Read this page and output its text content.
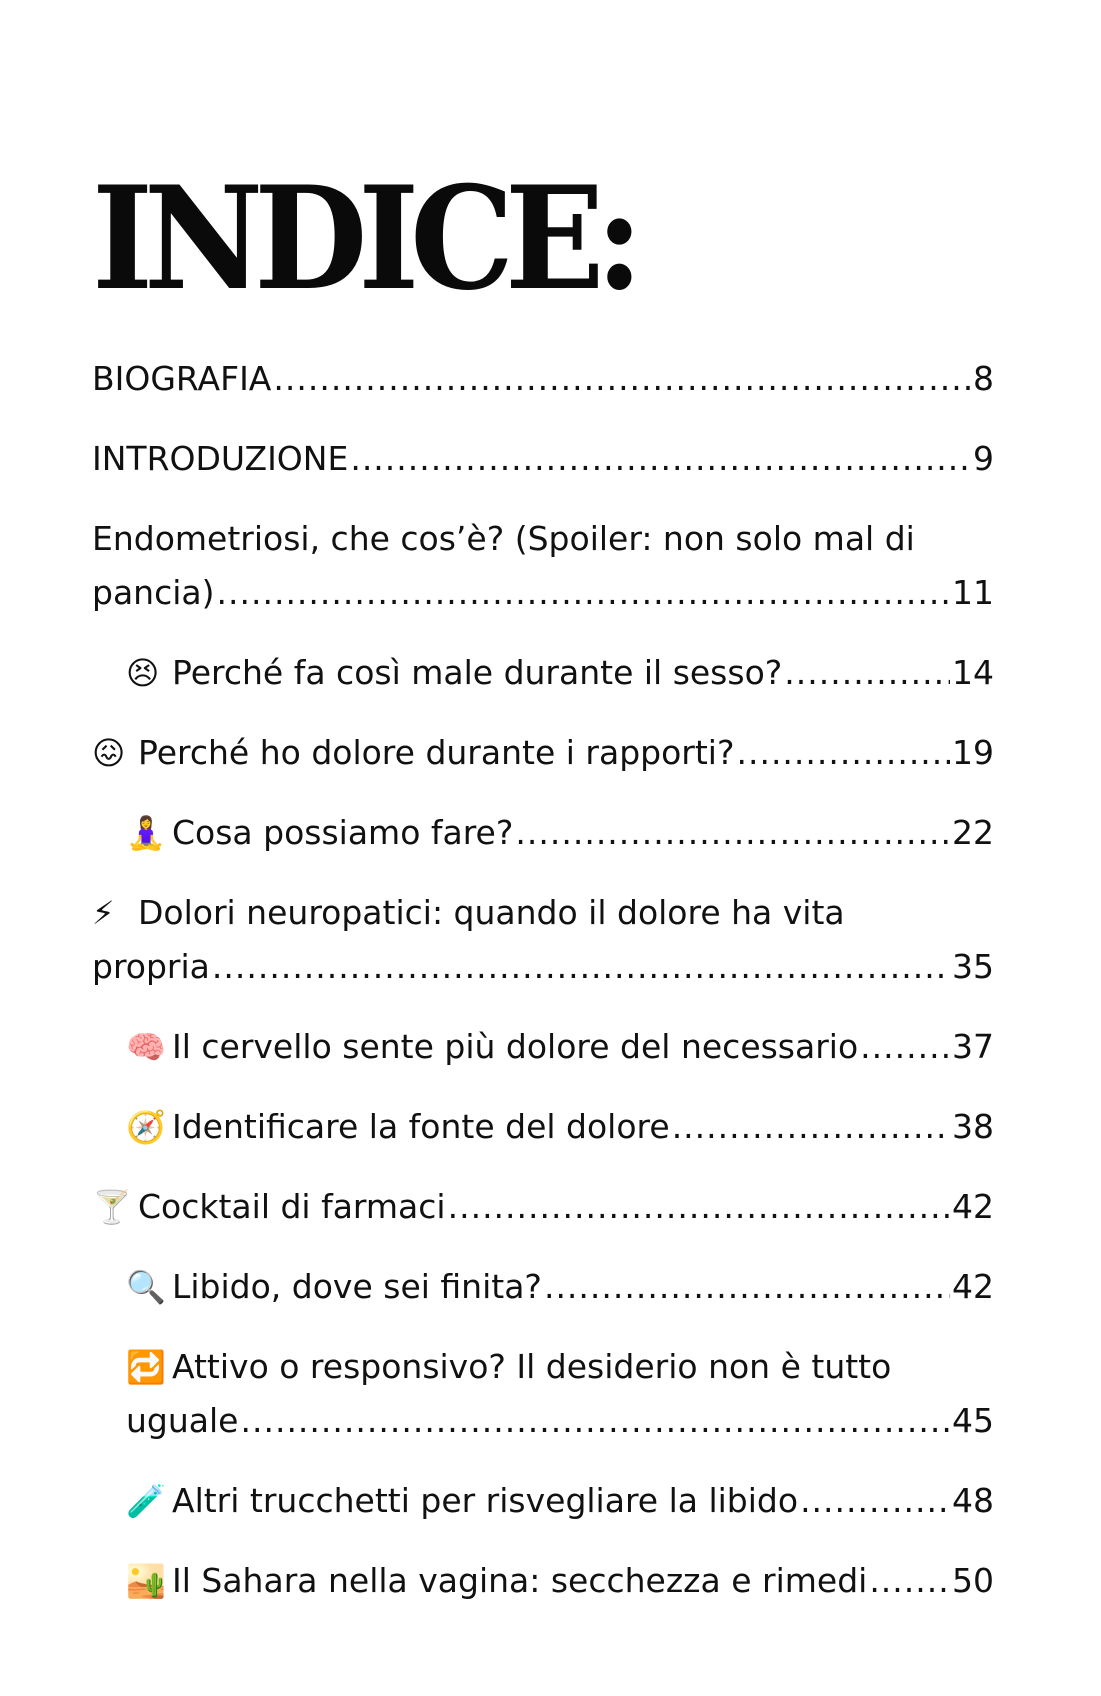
INDICE:
BIOGRAFIA .....	8
INTRODUZIONE .....	9
Endometriosi, che cos’è? (Spoiler: non solo mal di
pancia) .....	11
😣 Perché fa così male durante il sesso? .....	14
😖 Perché ho dolore durante i rapporti? .....	19
🧘‍♀️ Cosa possiamo fare? .....	22
⚡ Dolori neuropatici: quando il dolore ha vita
propria .....	35
🧠 Il cervello sente più dolore del necessario .....	37
🧭 Identificare la fonte del dolore .....	38
🍸 Cocktail di farmaci .....	42
🔍 Libido, dove sei finita? .....	42
🔁 Attivo o responsivo? Il desiderio non è tutto
uguale .....	45
🧪 Altri trucchetti per risvegliare la libido .....	48
🏜️ Il Sahara nella vagina: secchezza e rimedi .....	50
